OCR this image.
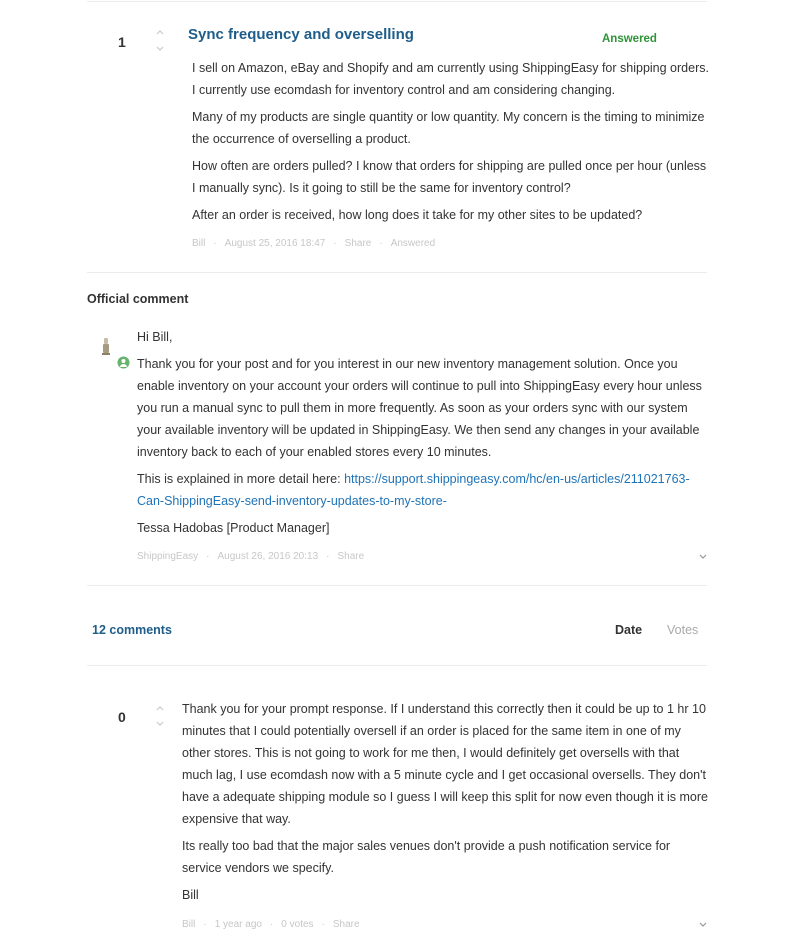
1	Sync frequency and overselling	Answered

I sell on Amazon, eBay and Shopify and am currently using ShippingEasy for shipping orders. I currently use ecomdash for inventory control and am considering changing.

Many of my products are single quantity or low quantity. My concern is the timing to minimize the occurrence of overselling a product.

How often are orders pulled? I know that orders for shipping are pulled once per hour (unless I manually sync). Is it going to still be the same for inventory control?

After an order is received, how long does it take for my other sites to be updated?

Bill · August 25, 2016 18:47 · Share · Answered
Official comment

Hi Bill,

Thank you for your post and for you interest in our new inventory management solution. Once you enable inventory on your account your orders will continue to pull into ShippingEasy every hour unless you run a manual sync to pull them in more frequently. As soon as your orders sync with our system your available inventory will be updated in ShippingEasy. We then send any changes in your available inventory back to each of your enabled stores every 10 minutes.

This is explained in more detail here: https://support.shippingeasy.com/hc/en-us/articles/211021763-Can-ShippingEasy-send-inventory-updates-to-my-store-

Tessa Hadobas [Product Manager]

ShippingEasy · August 26, 2016 20:13 · Share
12 comments	Date Votes
0	Thank you for your prompt response. If I understand this correctly then it could be up to 1 hr 10 minutes that I could potentially oversell if an order is placed for the same item in one of my other stores. This is not going to work for me then, I would definitely get oversells with that much lag, I use ecomdash now with a 5 minute cycle and I get occasional oversells. They don't have a adequate shipping module so I guess I will keep this split for now even though it is more expensive that way.

Its really too bad that the major sales venues don't provide a push notification service for service vendors we specify.

Bill

Bill · 1 year ago · 0 votes · Share
